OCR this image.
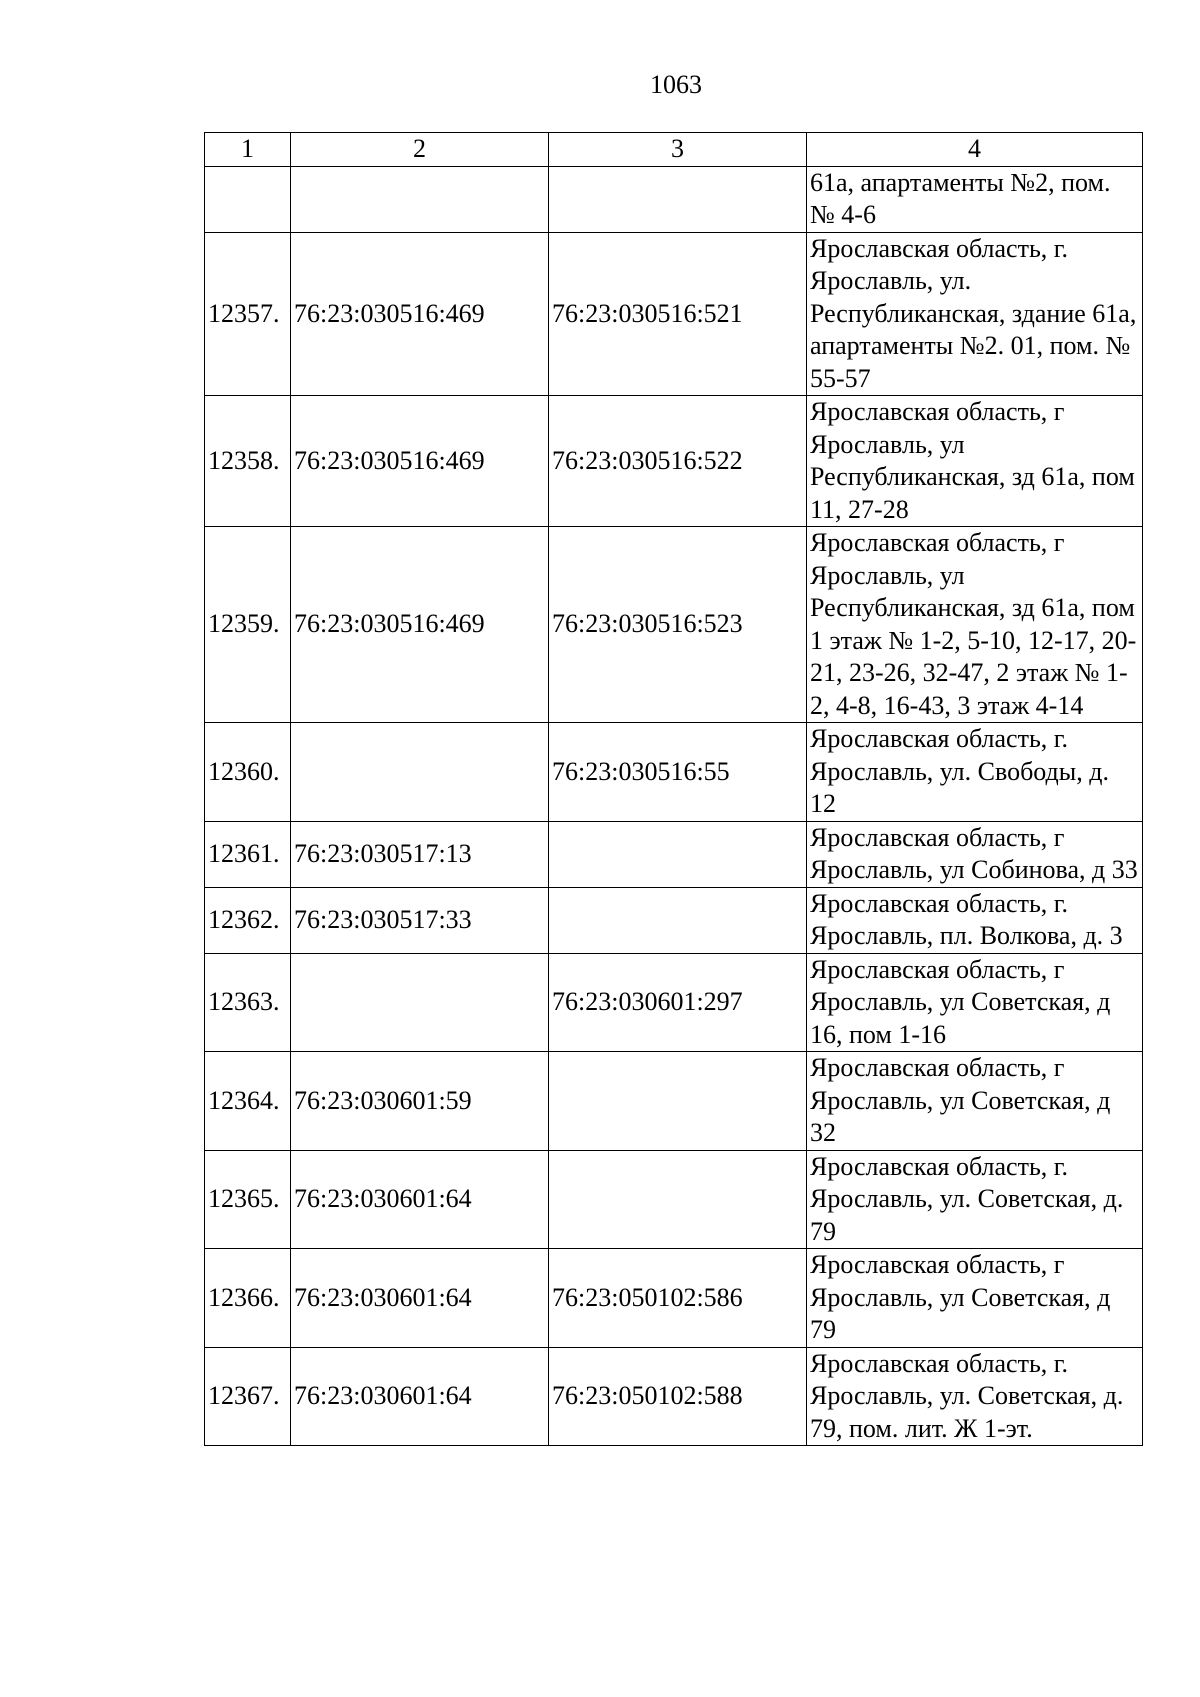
1063
1	2	3	4
			61а, апартаменты №2, пом. № 4-6
12357.	76:23:030516:469	76:23:030516:521	Ярославская область, г. Ярославль, ул. Республиканская, здание 61а, апартаменты №2. 01, пом. № 55-57
12358.	76:23:030516:469	76:23:030516:522	Ярославская область, г Ярославль, ул Республиканская, зд 61а, пом 11, 27-28
12359.	76:23:030516:469	76:23:030516:523	Ярославская область, г Ярославль, ул Республиканская, зд 61а, пом 1 этаж № 1-2, 5-10, 12-17, 20-21, 23-26, 32-47, 2 этаж № 1-2, 4-8, 16-43, 3 этаж 4-14
12360.		76:23:030516:55	Ярославская область, г. Ярославль, ул. Свободы, д. 12
12361.	76:23:030517:13		Ярославская область, г Ярославль, ул Собинова, д 33
12362.	76:23:030517:33		Ярославская область, г. Ярославль, пл. Волкова, д. 3
12363.		76:23:030601:297	Ярославская область, г Ярославль, ул Советская, д 16, пом 1-16
12364.	76:23:030601:59		Ярославская область, г Ярославль, ул Советская, д 32
12365.	76:23:030601:64		Ярославская область, г. Ярославль, ул. Советская, д. 79
12366.	76:23:030601:64	76:23:050102:586	Ярославская область, г Ярославль, ул Советская, д 79
12367.	76:23:030601:64	76:23:050102:588	Ярославская область, г. Ярославль, ул. Советская, д. 79, пом. лит. Ж 1-эт.
